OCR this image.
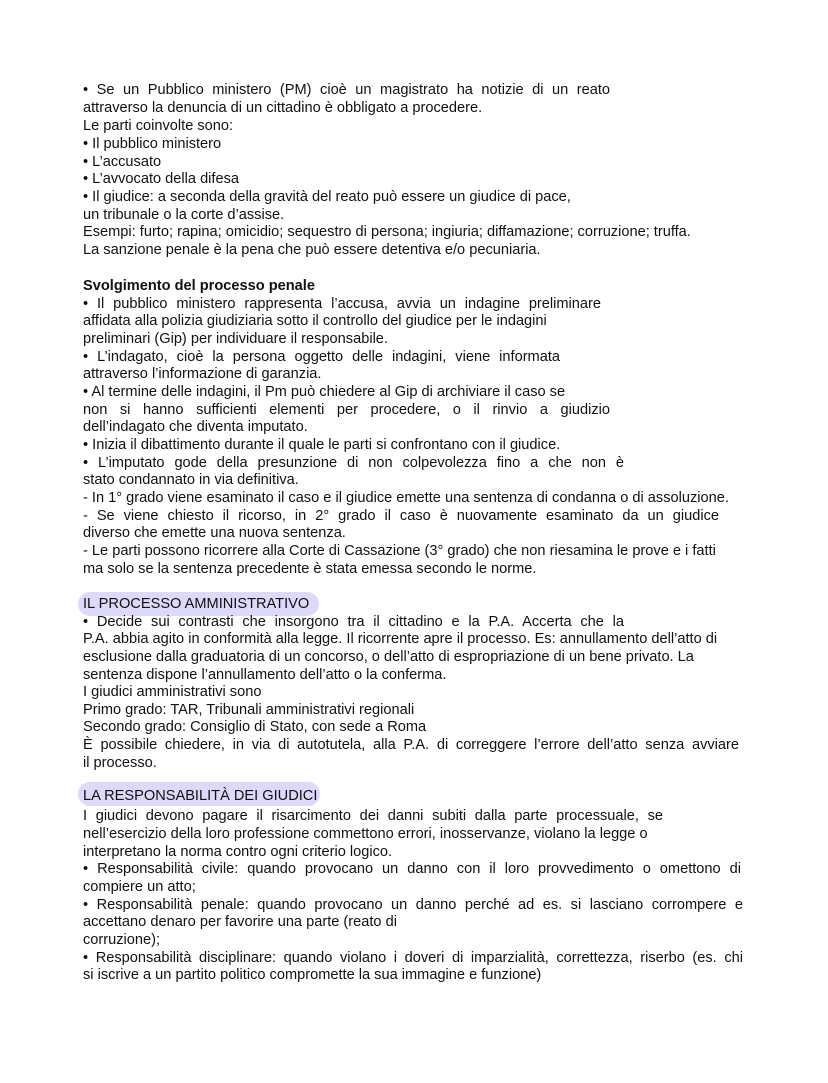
• Se un Pubblico ministero (PM) cioè un magistrato ha notizie di un reato
attraverso la denuncia di un cittadino è obbligato a procedere.
Le parti coinvolte sono:
• Il pubblico ministero
• L’accusato
• L’avvocato della difesa
• Il giudice: a seconda della gravità del reato può essere un giudice di pace,
un tribunale o la corte d’assise.
Esempi: furto; rapina; omicidio; sequestro di persona; ingiuria; diffamazione; corruzione; truffa.
La sanzione penale è la pena che può essere detentiva e/o pecuniaria.
Svolgimento del processo penale
• Il pubblico ministero rappresenta l’accusa, avvia un indagine preliminare
affidata alla polizia giudiziaria sotto il controllo del giudice per le indagini
preliminari (Gip) per individuare il responsabile.
• L’indagato, cioè la persona oggetto delle indagini, viene informata
attraverso l’informazione di garanzia.
• Al termine delle indagini, il Pm può chiedere al Gip di archiviare il caso se
non si hanno sufficienti elementi per procedere, o il rinvio a giudizio
dell’indagato che diventa imputato.
• Inizia il dibattimento durante il quale le parti si confrontano con il giudice.
• L’imputato gode della presunzione di non colpevolezza fino a che non è
stato condannato in via definitiva.
- In 1° grado viene esaminato il caso e il giudice emette una sentenza di condanna o di assoluzione.
- Se viene chiesto il ricorso, in 2° grado il caso è nuovamente esaminato da un giudice
diverso che emette una nuova sentenza.
- Le parti possono ricorrere alla Corte di Cassazione (3° grado) che non riesamina le prove e i fatti
ma solo se la sentenza precedente è stata emessa secondo le norme.
IL PROCESSO AMMINISTRATIVO
• Decide sui contrasti che insorgono tra il cittadino e la P.A. Accerta che la
P.A. abbia agito in conformità alla legge. Il ricorrente apre il processo. Es: annullamento dell’atto di
esclusione dalla graduatoria di un concorso, o dell’atto di espropriazione di un bene privato. La
sentenza dispone l’annullamento dell’atto o la conferma.
I giudici amministrativi sono
Primo grado: TAR, Tribunali amministrativi regionali
Secondo grado: Consiglio di Stato, con sede a Roma
È possibile chiedere, in via di autotutela, alla P.A. di correggere l’errore dell’atto senza avviare
il processo.
LA RESPONSABILITÀ DEI GIUDICI
I giudici devono pagare il risarcimento dei danni subiti dalla parte processuale, se
nell’esercizio della loro professione commettono errori, inosservanze, violano la legge o
interpretano la norma contro ogni criterio logico.
• Responsabilità civile: quando provocano un danno con il loro provvedimento o omettono di
compiere un atto;
• Responsabilità penale: quando provocano un danno perché ad es. si lasciano corrompere e
accettano denaro per favorire una parte (reato di
corruzione);
• Responsabilità disciplinare: quando violano i doveri di imparzialità, correttezza, riserbo (es. chi
si iscrive a un partito politico compromette la sua immagine e funzione)
